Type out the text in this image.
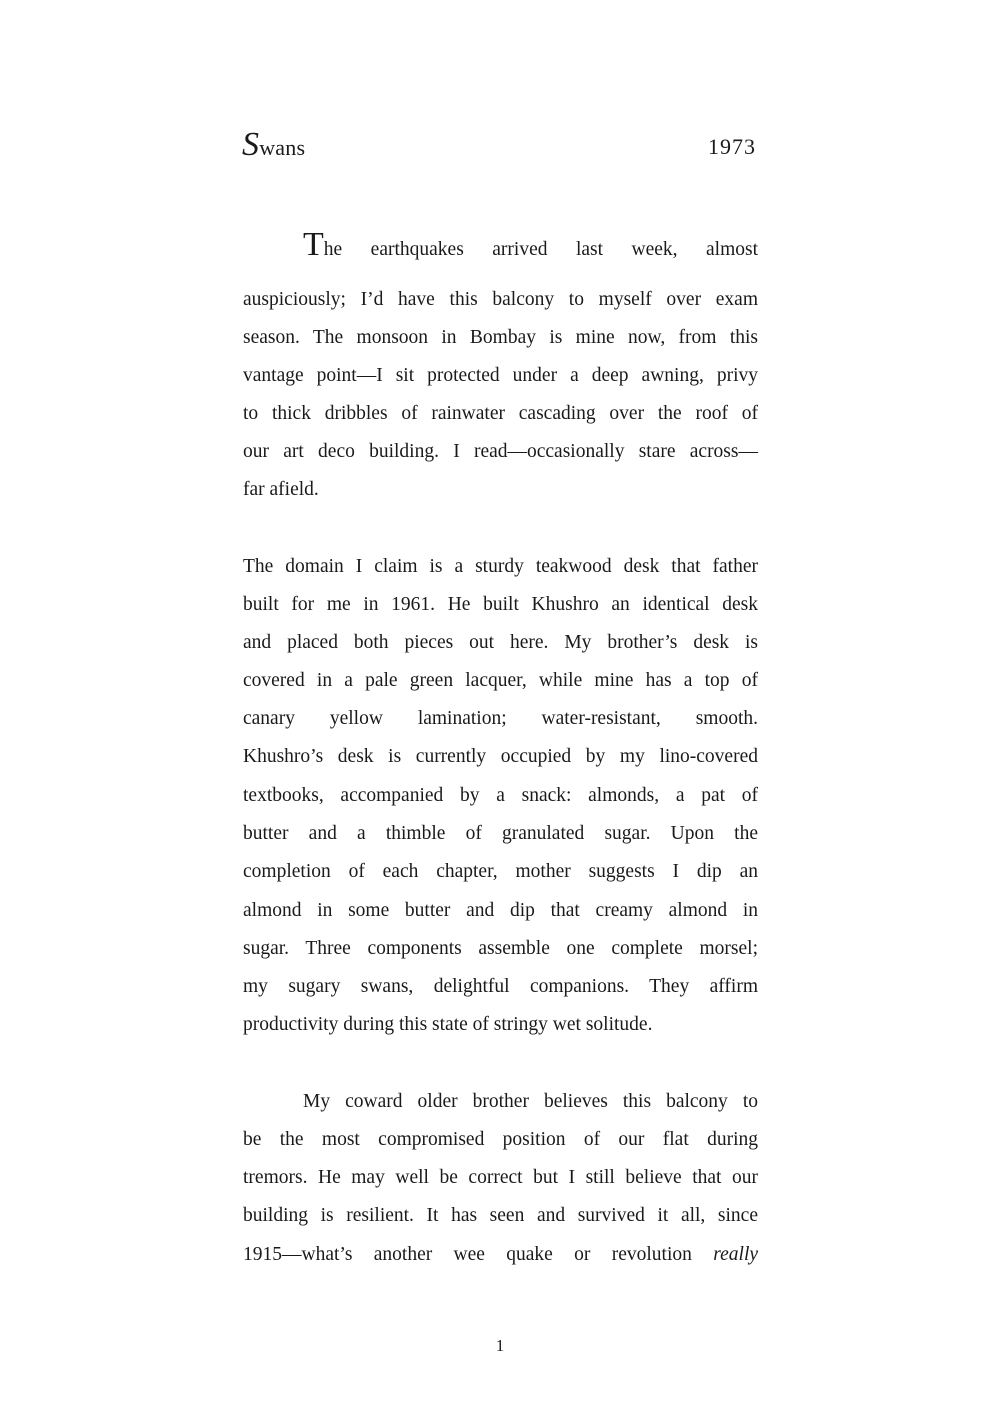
Swans	1973
The earthquakes arrived last week, almost
auspiciously; I’d have this balcony to myself over exam
season. The monsoon in Bombay is mine now, from this
vantage point—I sit protected under a deep awning, privy
to thick dribbles of rainwater cascading over the roof of
our art deco building. I read—occasionally stare across—
far afield.
The domain I claim is a sturdy teakwood desk that father
built for me in 1961. He built Khushro an identical desk
and placed both pieces out here. My brother’s desk is
covered in a pale green lacquer, while mine has a top of
canary yellow lamination; water-resistant, smooth.
Khushro’s desk is currently occupied by my lino-covered
textbooks, accompanied by a snack: almonds, a pat of
butter and a thimble of granulated sugar. Upon the
completion of each chapter, mother suggests I dip an
almond in some butter and dip that creamy almond in
sugar. Three components assemble one complete morsel;
my sugary swans, delightful companions. They affirm
productivity during this state of stringy wet solitude.
My coward older brother believes this balcony to
be the most compromised position of our flat during
tremors. He may well be correct but I still believe that our
building is resilient. It has seen and survived it all, since
1915—what’s another wee quake or revolution really
1
